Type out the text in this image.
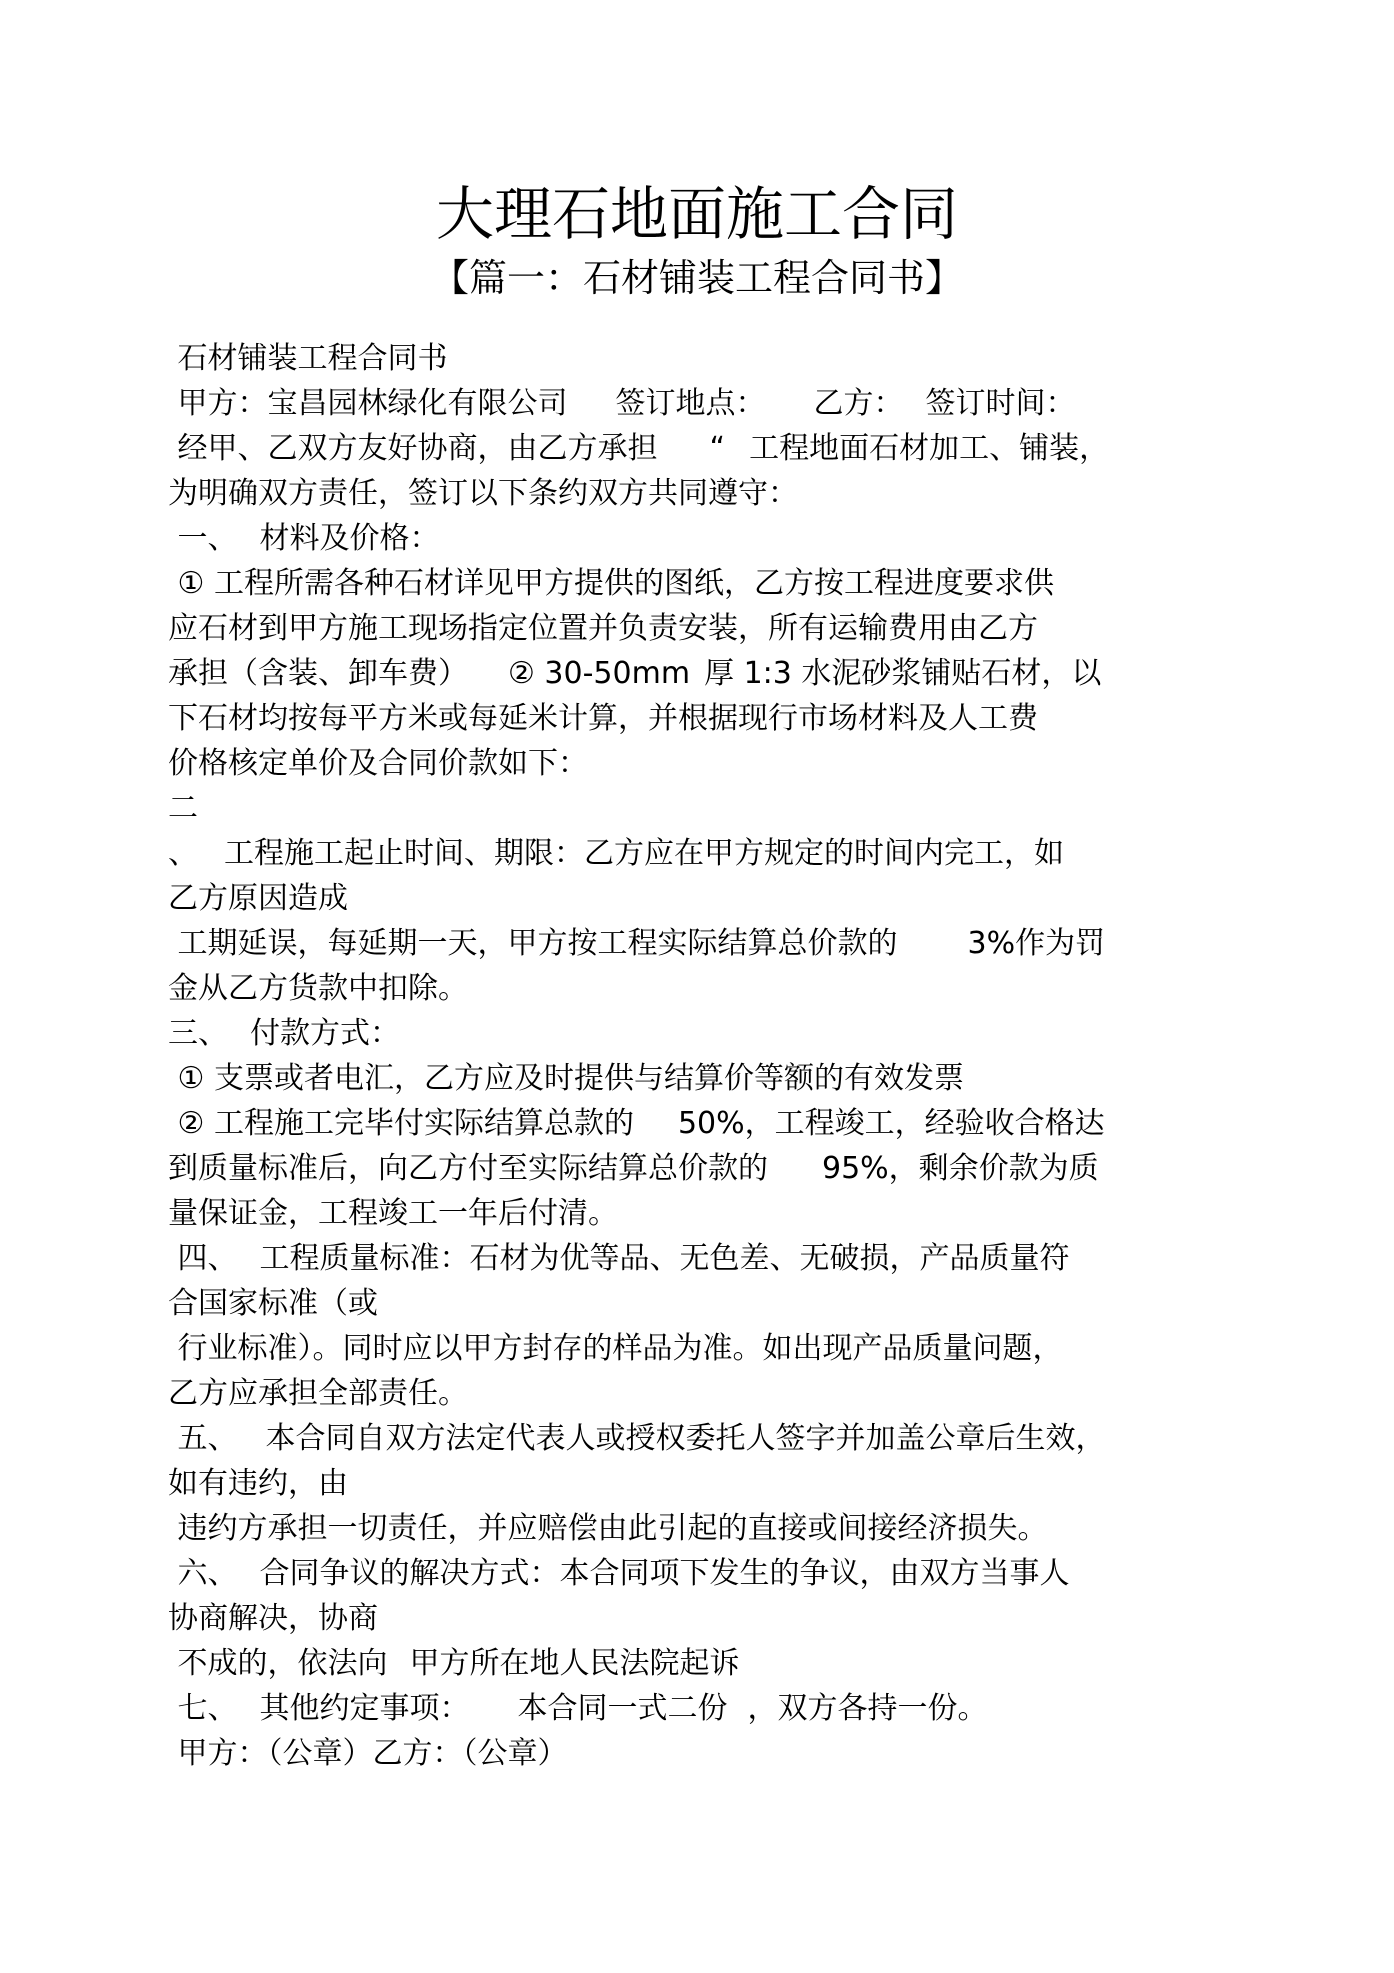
大理石地面施工合同
【篇一：石材铺装工程合同书】
石材铺装工程合同书
甲方：宝昌园林绿化有限公司 签订地点： 乙方： 签订时间：
经甲、乙双方友好协商，由乙方承担 “ 工程地面石材加工、铺装，
为明确双方责任，签订以下条约双方共同遵守：
一、 材料及价格：
① 工程所需各种石材详见甲方提供的图纸，乙方按工程进度要求供
应石材到甲方施工现场指定位置并负责安装，所有运输费用由乙方
承担（含装、卸车费） ② 30-50mm 厚 1:3 水泥砂浆铺贴石材，以
下石材均按每平方米或每延米计算，并根据现行市场材料及人工费
价格核定单价及合同价款如下：
二
、 工程施工起止时间、期限：乙方应在甲方规定的时间内完工，如
乙方原因造成
工期延误，每延期一天，甲方按工程实际结算总价款的 3%作为罚
金从乙方货款中扣除。
三、 付款方式：
① 支票或者电汇，乙方应及时提供与结算价等额的有效发票
② 工程施工完毕付实际结算总款的 50%，工程竣工，经验收合格达
到质量标准后，向乙方付至实际结算总价款的 95%，剩余价款为质
量保证金，工程竣工一年后付清。
四、 工程质量标准：石材为优等品、无色差、无破损，产品质量符
合国家标准（或
行业标准）。同时应以甲方封存的样品为准。如出现产品质量问题，
乙方应承担全部责任。
五、 本合同自双方法定代表人或授权委托人签字并加盖公章后生效，
如有违约，由
违约方承担一切责任，并应赔偿由此引起的直接或间接经济损失。
六、 合同争议的解决方式：本合同项下发生的争议，由双方当事人
协商解决，协商
不成的，依法向 甲方所在地人民法院起诉
七、 其他约定事项： 本合同一式二份 ，双方各持一份。
甲方：（公章）乙方：（公章）
